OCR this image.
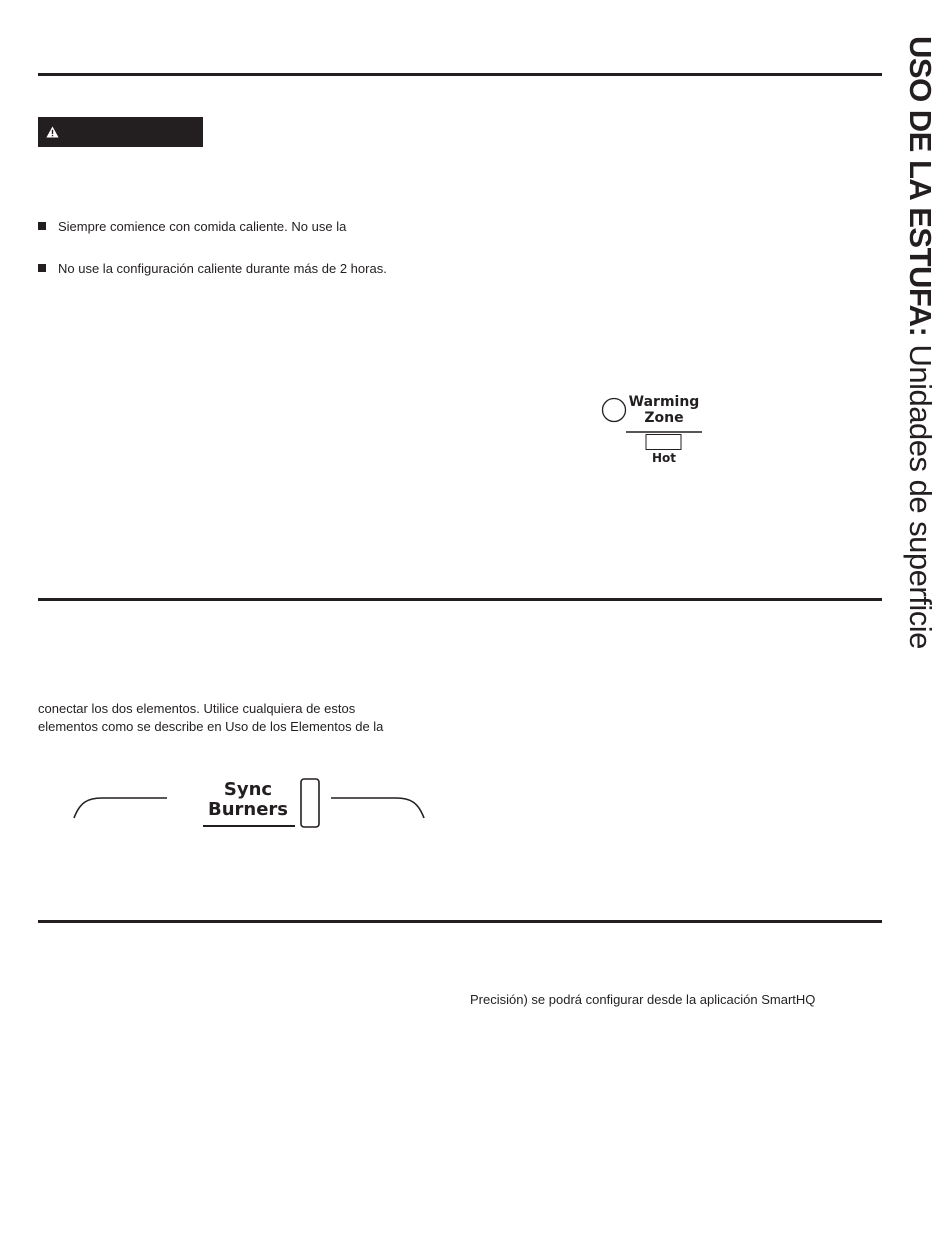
Siempre comience con comida caliente. No use la
No use la configuración caliente durante más de 2 horas.
Warming
Zone
Hot
conectar los dos elementos. Utilice cualquiera de estos
elementos como se describe en Uso de los Elementos de la
Sync
Burners
Precisión) se podrá configurar desde la aplicación SmartHQ
USO DE LA ESTUFA: Unidades de superficie
